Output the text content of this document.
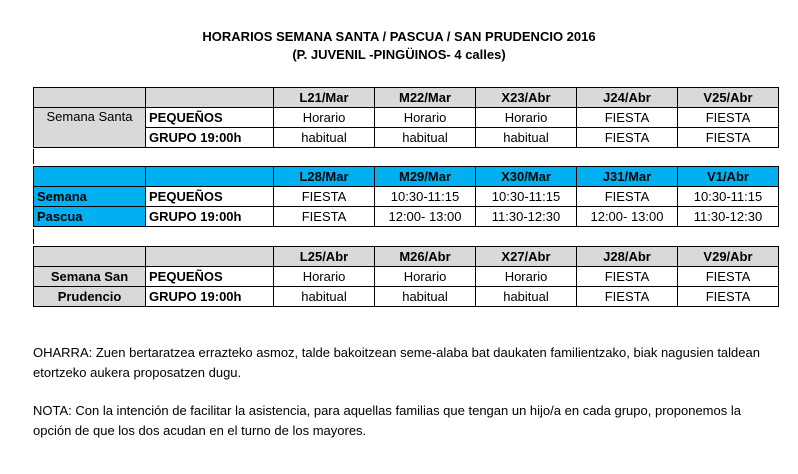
HORARIOS SEMANA SANTA / PASCUA / SAN PRUDENCIO 2016
(P. JUVENIL -PINGÜINOS- 4 calles)
		L21/Mar	M22/Mar	X23/Abr	J24/Abr	V25/Abr
Semana Santa	PEQUEÑOS	Horario	Horario	Horario	FIESTA	FIESTA
	GRUPO 19:00h	habitual	habitual	habitual	FIESTA	FIESTA
		L28/Mar	M29/Mar	X30/Mar	J31/Mar	V1/Abr
Semana	PEQUEÑOS	FIESTA	10:30-11:15	10:30-11:15	FIESTA	10:30-11:15
Pascua	GRUPO 19:00h	FIESTA	12:00- 13:00	11:30-12:30	12:00- 13:00	11:30-12:30
		L25/Abr	M26/Abr	X27/Abr	J28/Abr	V29/Abr
Semana San	PEQUEÑOS	Horario	Horario	Horario	FIESTA	FIESTA
Prudencio	GRUPO 19:00h	habitual	habitual	habitual	FIESTA	FIESTA

OHARRA: Zuen bertaratzea errazteko asmoz, talde bakoitzean seme-alaba bat daukaten familientzako, biak nagusien taldean etortzeko aukera proposatzen dugu.

NOTA: Con la intención de facilitar la asistencia, para aquellas familias que tengan un hijo/a en cada grupo, proponemos la opción de que los dos acudan en el turno de los mayores.
